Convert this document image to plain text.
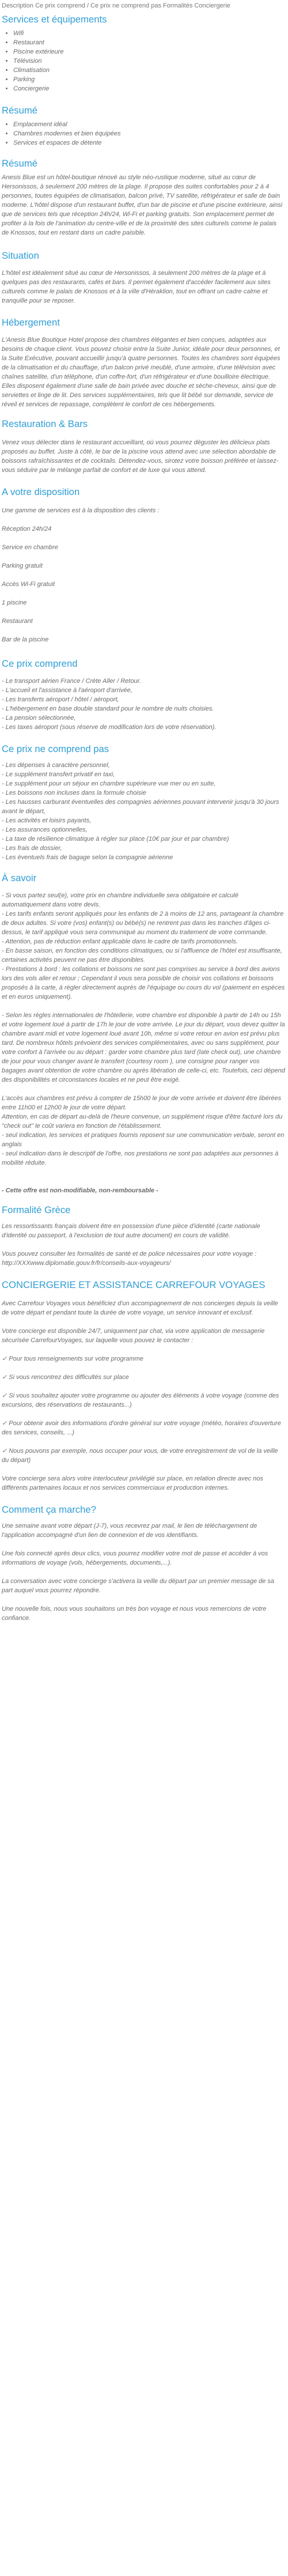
Description Ce prix comprend / Ce prix ne comprend pas Formalités Conciergerie

Services et équipements
• Wifi
• Restaurant
• Piscine extérieure
• Télévision
• Climatisation
• Parking
• Conciergerie
Résumé
• Emplacement idéal
• Chambres modernes et bien équipées
• Services et espaces de détente
Résumé

Anesis Blue est un hôtel-boutique rénové au style néo-rustique moderne, situé au cœur de Hersonissos, à seulement 200 mètres de la plage. Il propose des suites confortables pour 2 à 4 personnes, toutes équipées de climatisation, balcon privé, TV satellite, réfrigérateur et salle de bain moderne. L'hôtel dispose d'un restaurant buffet, d'un bar de piscine et d'une piscine extérieure, ainsi que de services tels que réception 24h/24, Wi-Fi et parking gratuits. Son emplacement permet de profiter à la fois de l'animation du centre-ville et de la proximité des sites culturels comme le palais de Knossos, tout en restant dans un cadre paisible.

Situation

L'hôtel est idéalement situé au cœur de Hersonissos, à seulement 200 mètres de la plage et à quelques pas des restaurants, cafés et bars. Il permet également d'accéder facilement aux sites culturels comme le palais de Knossos et à la ville d'Héraklion, tout en offrant un cadre calme et tranquille pour se reposer.

Hébergement

L'Anesis Blue Boutique Hotel propose des chambres élégantes et bien conçues, adaptées aux besoins de chaque client. Vous pouvez choisir entre la Suite Junior, idéale pour deux personnes, et la Suite Exécutive, pouvant accueillir jusqu'à quatre personnes. Toutes les chambres sont équipées de la climatisation et du chauffage, d'un balcon privé meublé, d'une armoire, d'une télévision avec chaînes satellite, d'un téléphone, d'un coffre-fort, d'un réfrigérateur et d'une bouilloire électrique. Elles disposent également d'une salle de bain privée avec douche et sèche-cheveux, ainsi que de serviettes et linge de lit. Des services supplémentaires, tels que lit bébé sur demande, service de réveil et services de repassage, complètent le confort de ces hébergements.

Restauration & Bars

Venez vous délecter dans le restaurant accueillant, où vous pourrez déguster les délicieux plats proposés au buffet. Juste à côté, le bar de la piscine vous attend avec une sélection abordable de boissons rafraîchissantes et de cocktails. Détendez-vous, sirotez votre boisson préférée et laissez-vous séduire par le mélange parfait de confort et de luxe qui vous attend.

A votre disposition

Une gamme de services est à la disposition des clients :

Réception 24h/24

Service en chambre

Parking gratuit

Accès Wi-Fi gratuit

1 piscine

Restaurant

Bar de la piscine

Ce prix comprend

- Le transport aérien France / Crète Aller / Retour.

- L'accueil et l'assistance à l'aéroport d'arrivée,

- Les transferts aéroport / hôtel / aéroport,

- L'hébergement en base double standard pour le nombre de nuits choisies.

- La pension sélectionnée,

- Les taxes aéroport (sous réserve de modification lors de votre réservation).

Ce prix ne comprend pas

- Les dépenses à caractère personnel,

- Le supplément transfert privatif en taxi,

- Le supplément pour un séjour en chambre supérieure vue mer ou en suite,

- Les boissons non incluses dans la formule choisie

- Les hausses carburant éventuelles des compagnies aériennes pouvant intervenir jusqu'à 30 jours avant le départ,

- Les activités et loisirs payants,

- Les assurances optionnelles,

- La taxe de résilience climatique à régler sur place (10€ par jour et par chambre)

- Les frais de dossier,

- Les éventuels frais de bagage selon la compagnie aérienne

À savoir

- Si vous partez seul(e), votre prix en chambre individuelle sera obligatoire et calculé automatiquement dans votre devis.

- Les tarifs enfants seront appliqués pour les enfants de 2 à moins de 12 ans, partageant la chambre de deux adultes. Si votre (vos) enfant(s) ou bébé(s) ne rentrent pas dans les tranches d'âges ci-dessus, le tarif appliqué vous sera communiqué au moment du traitement de votre commande.

- Attention, pas de réduction enfant applicable dans le cadre de tarifs promotionnels.

- En basse saison, en fonction des conditions climatiques, ou si l'affluence de l'hôtel est insuffisante, certaines activités peuvent ne pas être disponibles.

- Prestations à bord : les collations et boissons ne sont pas comprises au service à bord des avions lors des vols aller et retour ; Cependant il vous sera possible de choisir vos collations et boissons proposés à la carte, à régler directement auprès de l'équipage ou cours du vol (paiement en espèces et en euros uniquement).

- Selon les règles internationales de l'hôtellerie, votre chambre est disponible à partir de 14h ou 15h et votre logement loué à partir de 17h le jour de votre arrivée. Le jour du départ, vous devez quitter la chambre avant midi et votre logement loué avant 10h, même si votre retour en avion est prévu plus tard. De nombreux hôtels prévoient des services complémentaires, avec ou sans supplément, pour votre confort à l'arrivée ou au départ : garder votre chambre plus tard (late check out), une chambre de jour pour vous changer avant le transfert (courtesy room ), une consigne pour ranger vos bagages avant obtention de votre chambre ou après libération de celle-ci, etc. Toutefois, ceci dépend des disponibilités et circonstances locales et ne peut être exigé.

L'accès aux chambres est prévu à compter de 15h00 le jour de votre arrivée et doivent être libérées entre 11h00 et 12h00 le jour de votre départ.

Attention, en cas de départ au-delà de l'heure convenue, un supplément risque d'être facturé lors du "check out" le coût variera en fonction de l'établissement.

- seul indication, les services et pratiques fournis reposent sur une communication verbale, seront en anglais

- seul indication dans le descriptif de l'offre, nos prestations ne sont pas adaptées aux personnes à mobilité réduite.

- Cette offre est non-modifiable, non-remboursable -

Formalité Grèce

Les ressortissants français doivent être en possession d'une pièce d'identité (carte nationale d'identité ou passeport, à l'exclusion de tout autre document) en cours de validité.

Vous pouvez consulter les formalités de santé et de police nécessaires pour votre voyage : http://XXXwww.diplomatie.gouv.fr/fr/conseils-aux-voyageurs/

CONCIERGERIE ET ASSISTANCE CARREFOUR VOYAGES

Avec Carrefour Voyages vous bénéficiez d'un accompagnement de nos concierges depuis la veille de votre départ et pendant toute la durée de votre voyage, un service innovant et exclusif.

Votre concierge est disponible 24/7, uniquement par chat, via votre application de messagerie sécurisée CarrefourVoyages, sur laquelle vous pouvez le contacter :

✓ Pour tous renseignements sur votre programme

✓ Si vous rencontrez des difficultés sur place

✓ Si vous souhaitez ajouter votre programme ou ajouter des éléments à votre voyage (comme des excursions, des réservations de restaurants...)

✓ Pour obtenir avoir des informations d'ordre général sur votre voyage (météo, horaires d'ouverture des services, conseils, ...)

✓ Nous pouvons par exemple, nous occuper pour vous, de votre enregistrement de vol de la veille du départ)

Votre concierge sera alors votre interlocuteur privilégié sur place, en relation directe avec nos différents partenaires locaux et nos services commerciaux et production internes.

Comment ça marche?

Une semaine avant votre départ (J-7), vous recevrez par mail, le lien de téléchargement de l'application accompagné d'un lien de connexion et de vos identifiants.

Une fois connecté après deux clics, vous pourrez modifier votre mot de passe et accéder à vos informations de voyage (vols, hébergements, documents,...).

La conversation avec votre concierge s'activera la veille du départ par un premier message de sa part auquel vous pourrez répondre.

Une nouvelle fois, nous vous souhaitons un très bon voyage et nous vous remercions de votre confiance.
